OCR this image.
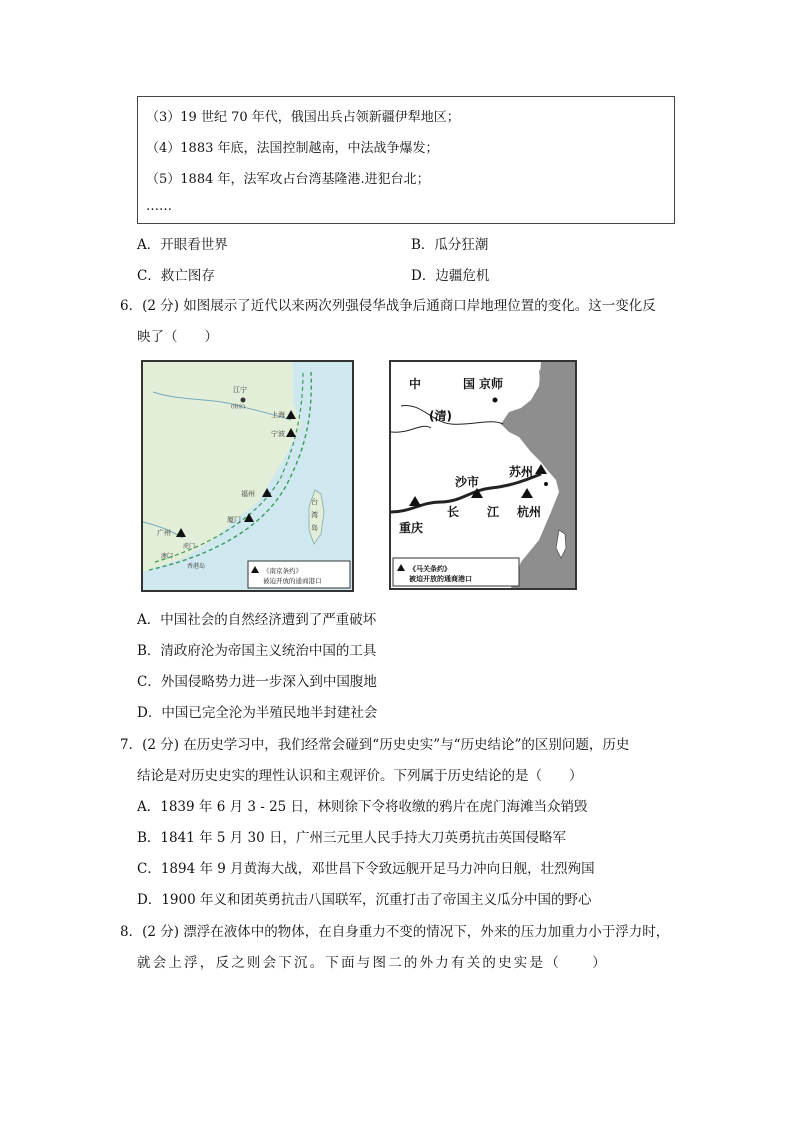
（3）19 世纪 70 年代，俄国出兵占领新疆伊犁地区；
（4）1883 年底，法国控制越南，中法战争爆发；
（5）1884 年，法军攻占台湾基隆港.进犯台北；
……
A．开眼看世界	B．瓜分狂潮
C．救亡图存	D．边疆危机
6．(2 分) 如图展示了近代以来两次列强侵华战争后通商口岸地理位置的变化。这一变化反
映了（　　）
江宁
(南京)
上海
宁波
福州
厦门
广州
虎门
澳门
香港岛
台
湾
岛
《南京条约》
被迫开放的通商港口
中	国 京师
(清)
苏州
沙市
重庆
长 江 杭州
《马关条约》
被迫开放的通商港口
A．中国社会的自然经济遭到了严重破坏
B．清政府沦为帝国主义统治中国的工具
C．外国侵略势力进一步深入到中国腹地
D．中国已完全沦为半殖民地半封建社会
7．(2 分) 在历史学习中，我们经常会碰到“历史史实”与“历史结论”的区别问题，历史
结论是对历史史实的理性认识和主观评价。下列属于历史结论的是（　　）
A．1839 年 6 月 3 - 25 日，林则徐下令将收缴的鸦片在虎门海滩当众销毁
B．1841 年 5 月 30 日，广州三元里人民手持大刀英勇抗击英国侵略军
C．1894 年 9 月黄海大战，邓世昌下令致远舰开足马力冲向日舰，壮烈殉国
D．1900 年义和团英勇抗击八国联军，沉重打击了帝国主义瓜分中国的野心
8．(2 分) 漂浮在液体中的物体，在自身重力不变的情况下，外来的压力加重力小于浮力时，
就会上浮，反之则会下沉。下面与图二的外力有关的史实是（　　）
